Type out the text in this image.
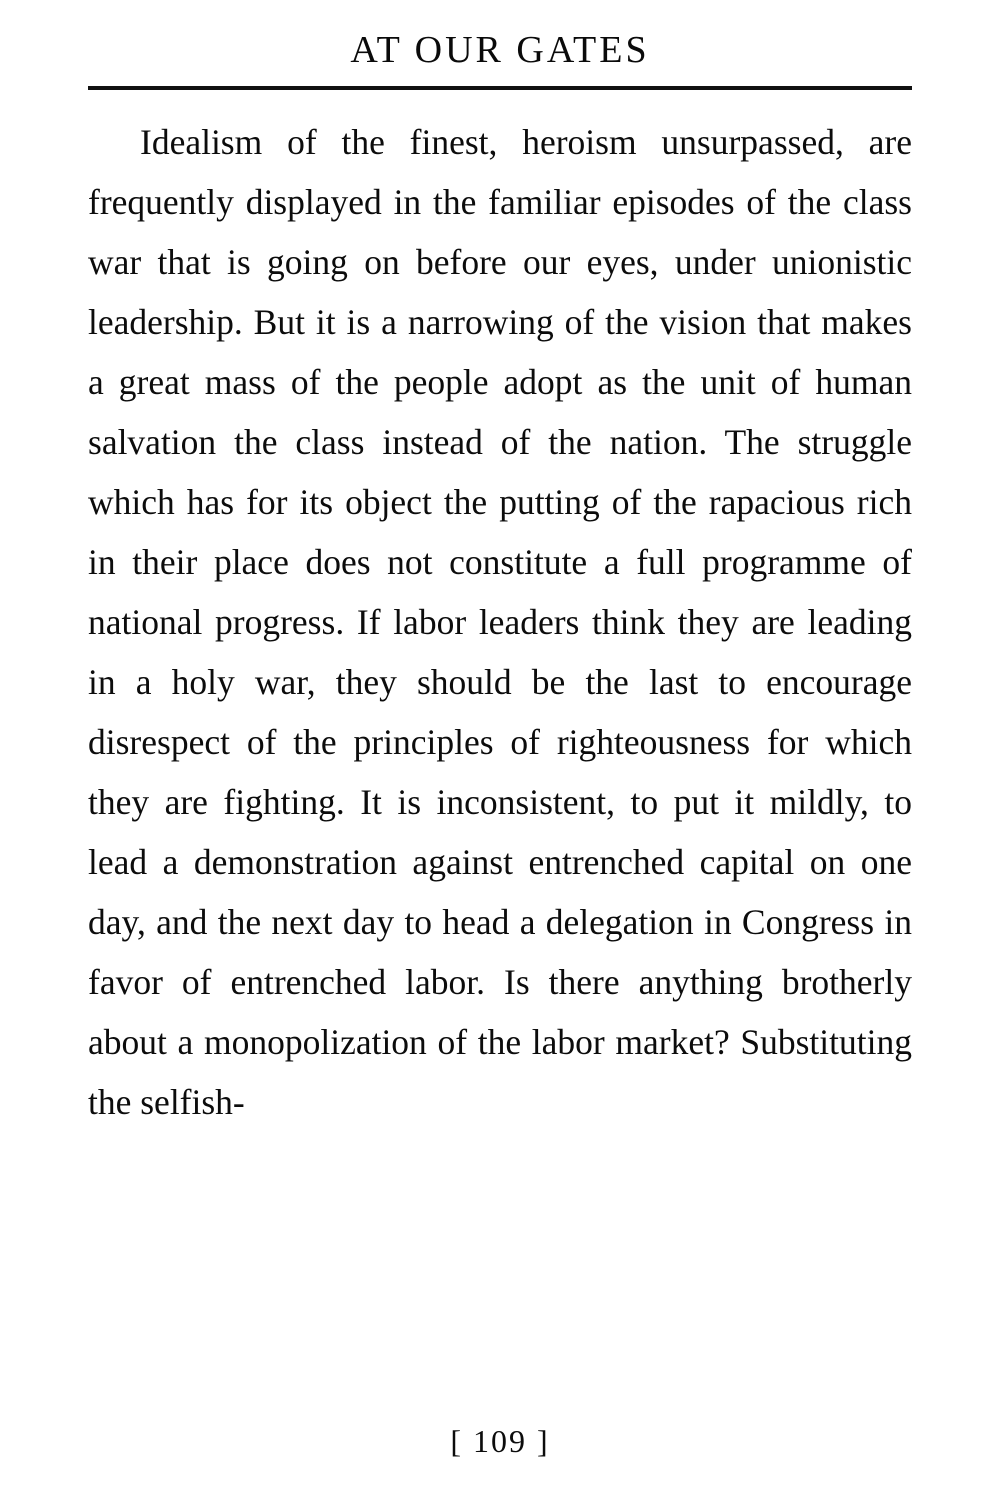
AT OUR GATES

Idealism of the finest, heroism unsurpassed, are frequently displayed in the familiar episodes of the class war that is going on before our eyes, under unionistic leadership. But it is a narrowing of the vision that makes a great mass of the people adopt as the unit of human salvation the class instead of the nation. The struggle which has for its object the putting of the rapacious rich in their place does not constitute a full programme of national progress. If labor leaders think they are leading in a holy war, they should be the last to encourage disrespect of the principles of righteousness for which they are fighting. It is inconsistent, to put it mildly, to lead a demonstration against entrenched capital on one day, and the next day to head a delegation in Congress in favor of entrenched labor. Is there anything brotherly about a monopolization of the labor market? Substituting the selfish-

[ 109 ]
